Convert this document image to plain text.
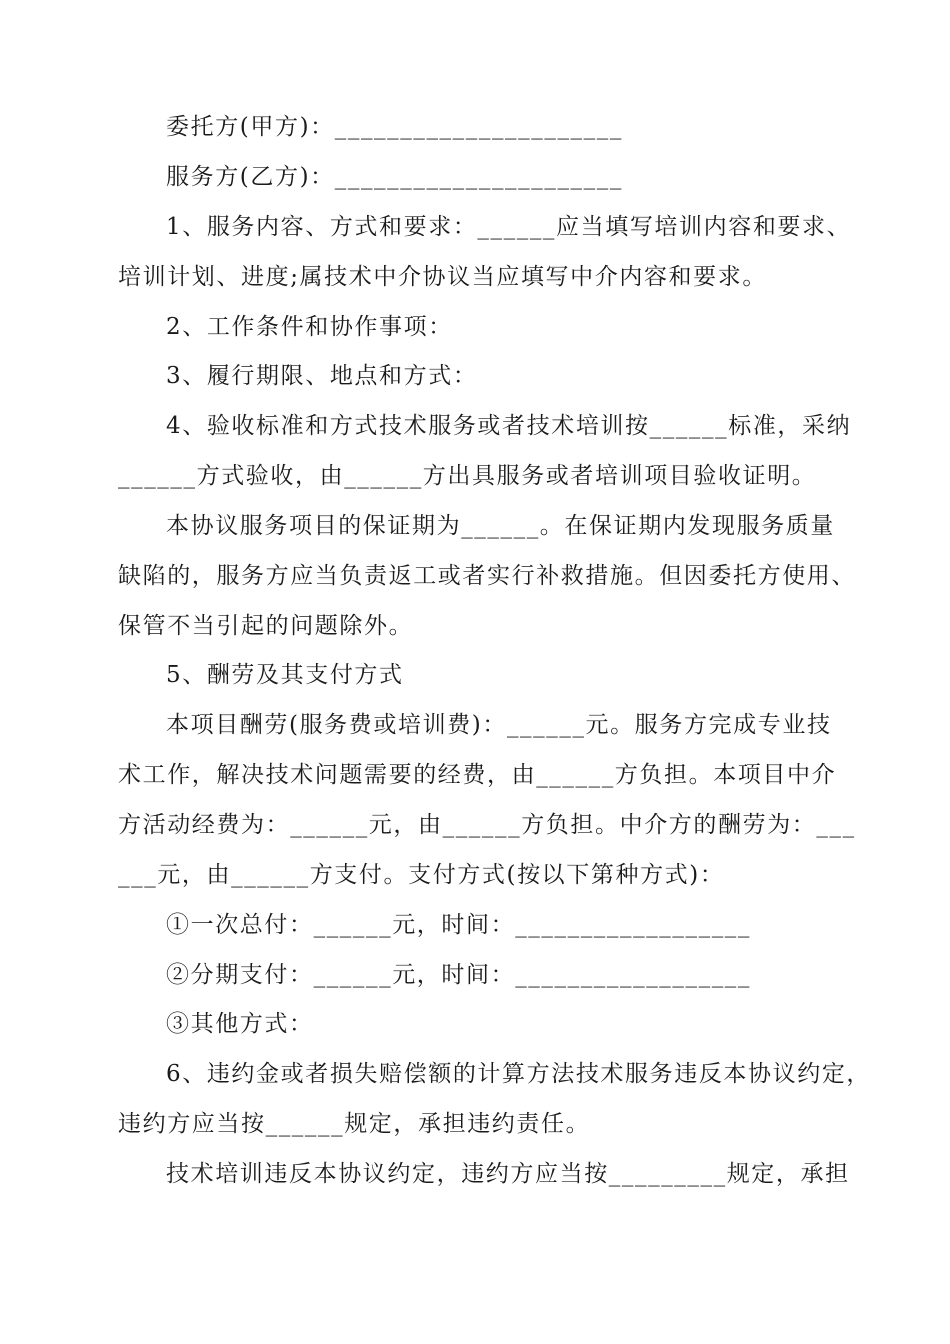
委托方(甲方)：______________________
服务方(乙方)：______________________
1、服务内容、方式和要求：______应当填写培训内容和要求、
培训计划、进度;属技术中介协议当应填写中介内容和要求。
2、工作条件和协作事项：
3、履行期限、地点和方式：
4、验收标准和方式技术服务或者技术培训按______标准，采纳
______方式验收，由______方出具服务或者培训项目验收证明。
本协议服务项目的保证期为______。在保证期内发现服务质量
缺陷的，服务方应当负责返工或者实行补救措施。但因委托方使用、
保管不当引起的问题除外。
5、酬劳及其支付方式
本项目酬劳(服务费或培训费)：______元。服务方完成专业技
术工作，解决技术问题需要的经费，由______方负担。本项目中介
方活动经费为：______元，由______方负担。中介方的酬劳为：___
___元，由______方支付。支付方式(按以下第种方式)：
①一次总付：______元，时间：__________________
②分期支付：______元，时间：__________________
③其他方式：
6、违约金或者损失赔偿额的计算方法技术服务违反本协议约定，
违约方应当按______规定，承担违约责任。
技术培训违反本协议约定，违约方应当按_________规定，承担
